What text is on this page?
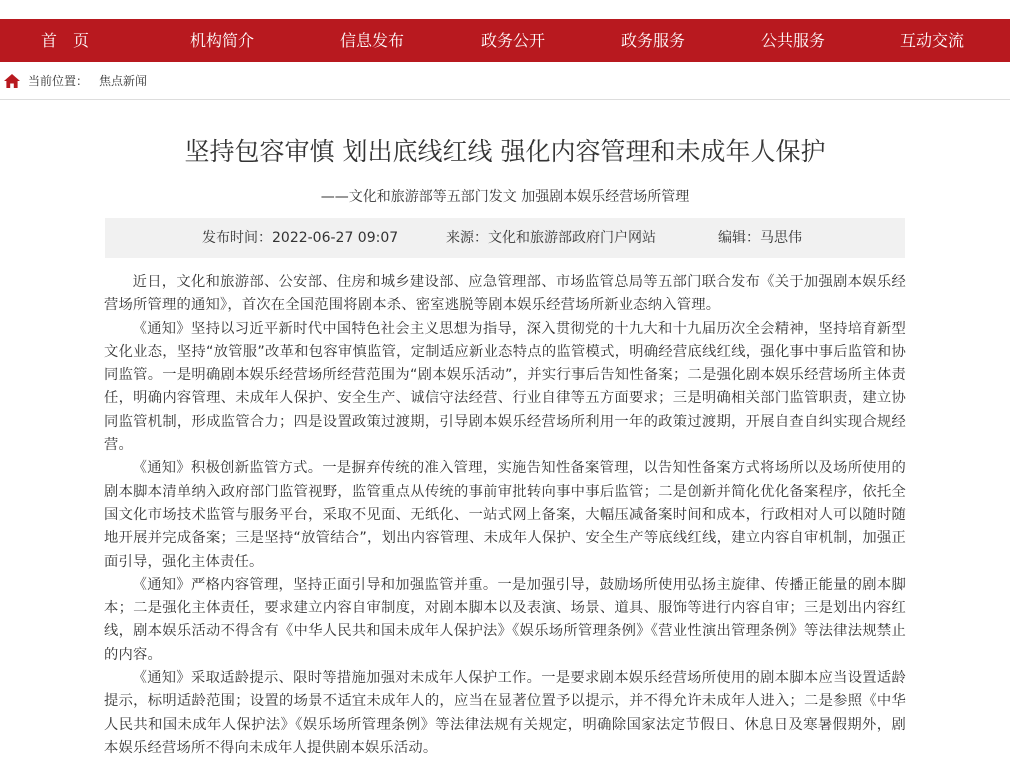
首　页	机构简介	信息发布	政务公开	政务服务	公共服务	互动交流
当前位置： 焦点新闻
坚持包容审慎 划出底线红线 强化内容管理和未成年人保护
——文化和旅游部等五部门发文 加强剧本娱乐经营场所管理
发布时间：2022-06-27 09:07	来源：文化和旅游部政府门户网站	编辑：马思伟

近日，文化和旅游部、公安部、住房和城乡建设部、应急管理部、市场监管总局等五部门联合发布《关于加强剧本娱乐经营场所管理的通知》，首次在全国范围将剧本杀、密室逃脱等剧本娱乐经营场所新业态纳入管理。

《通知》坚持以习近平新时代中国特色社会主义思想为指导，深入贯彻党的十九大和十九届历次全会精神，坚持培育新型文化业态，坚持“放管服”改革和包容审慎监管，定制适应新业态特点的监管模式，明确经营底线红线，强化事中事后监管和协同监管。一是明确剧本娱乐经营场所经营范围为“剧本娱乐活动”，并实行事后告知性备案；二是强化剧本娱乐经营场所主体责任，明确内容管理、未成年人保护、安全生产、诚信守法经营、行业自律等五方面要求；三是明确相关部门监管职责，建立协同监管机制，形成监管合力；四是设置政策过渡期，引导剧本娱乐经营场所利用一年的政策过渡期，开展自查自纠实现合规经营。

《通知》积极创新监管方式。一是摒弃传统的准入管理，实施告知性备案管理，以告知性备案方式将场所以及场所使用的剧本脚本清单纳入政府部门监管视野，监管重点从传统的事前审批转向事中事后监管；二是创新并简化优化备案程序，依托全国文化市场技术监管与服务平台，采取不见面、无纸化、一站式网上备案，大幅压减备案时间和成本，行政相对人可以随时随地开展并完成备案；三是坚持“放管结合”，划出内容管理、未成年人保护、安全生产等底线红线，建立内容自审机制，加强正面引导，强化主体责任。

《通知》严格内容管理，坚持正面引导和加强监管并重。一是加强引导，鼓励场所使用弘扬主旋律、传播正能量的剧本脚本；二是强化主体责任，要求建立内容自审制度，对剧本脚本以及表演、场景、道具、服饰等进行内容自审；三是划出内容红线，剧本娱乐活动不得含有《中华人民共和国未成年人保护法》《娱乐场所管理条例》《营业性演出管理条例》等法律法规禁止的内容。

《通知》采取适龄提示、限时等措施加强对未成年人保护工作。一是要求剧本娱乐经营场所使用的剧本脚本应当设置适龄提示，标明适龄范围；设置的场景不适宜未成年人的，应当在显著位置予以提示，并不得允许未成年人进入；二是参照《中华人民共和国未成年人保护法》《娱乐场所管理条例》等法律法规有关规定，明确除国家法定节假日、休息日及寒暑假期外，剧本娱乐经营场所不得向未成年人提供剧本娱乐活动。
